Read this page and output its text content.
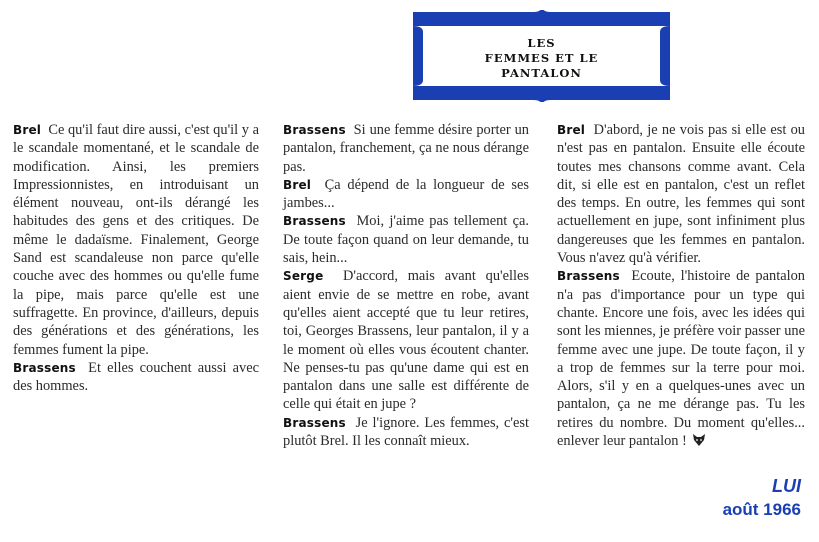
LES
FEMMES ET LE
PANTALON

Brel Ce qu'il faut dire aussi, c'est qu'il y a le scandale momentané, et le scandale de modification. Ainsi, les premiers Impressionnistes, en introduisant un élément nouveau, ont-ils dérangé les habitudes des gens et des critiques. De même le dadaïsme. Finalement, George Sand est scandaleuse non parce qu'elle couche avec des hommes ou qu'elle fume la pipe, mais parce qu'elle est une suffragette. En province, d'ailleurs, depuis des générations et des générations, les femmes fument la pipe.

Brassens Et elles couchent aussi avec des hommes.

Brassens Si une femme désire porter un pantalon, franchement, ça ne nous dérange pas.

Brel Ça dépend de la longueur de ses jambes...

Brassens Moi, j'aime pas tellement ça. De toute façon quand on leur demande, tu sais, hein...

Serge D'accord, mais avant qu'elles aient envie de se mettre en robe, avant qu'elles aient accepté que tu leur retires, toi, Georges Brassens, leur pantalon, il y a le moment où elles vous écoutent chanter. Ne penses-tu pas qu'une dame qui est en pantalon dans une salle est différente de celle qui était en jupe ?

Brassens Je l'ignore. Les femmes, c'est plutôt Brel. Il les connaît mieux.

Brel D'abord, je ne vois pas si elle est ou n'est pas en pantalon. Ensuite elle écoute toutes mes chansons comme avant. Cela dit, si elle est en pantalon, c'est un reflet des temps. En outre, les femmes qui sont actuellement en jupe, sont infiniment plus dangereuses que les femmes en pantalon. Vous n'avez qu'à vérifier.

Brassens Ecoute, l'histoire de pantalon n'a pas d'importance pour un type qui chante. Encore une fois, avec les idées qui sont les miennes, je préfère voir passer une femme avec une jupe. De toute façon, il y a trop de femmes sur la terre pour moi. Alors, s'il y en a quelques-unes avec un pantalon, ça ne me dérange pas. Tu les retires du nombre. Du moment qu'elles... enlever leur pantalon !

LUI
août 1966
